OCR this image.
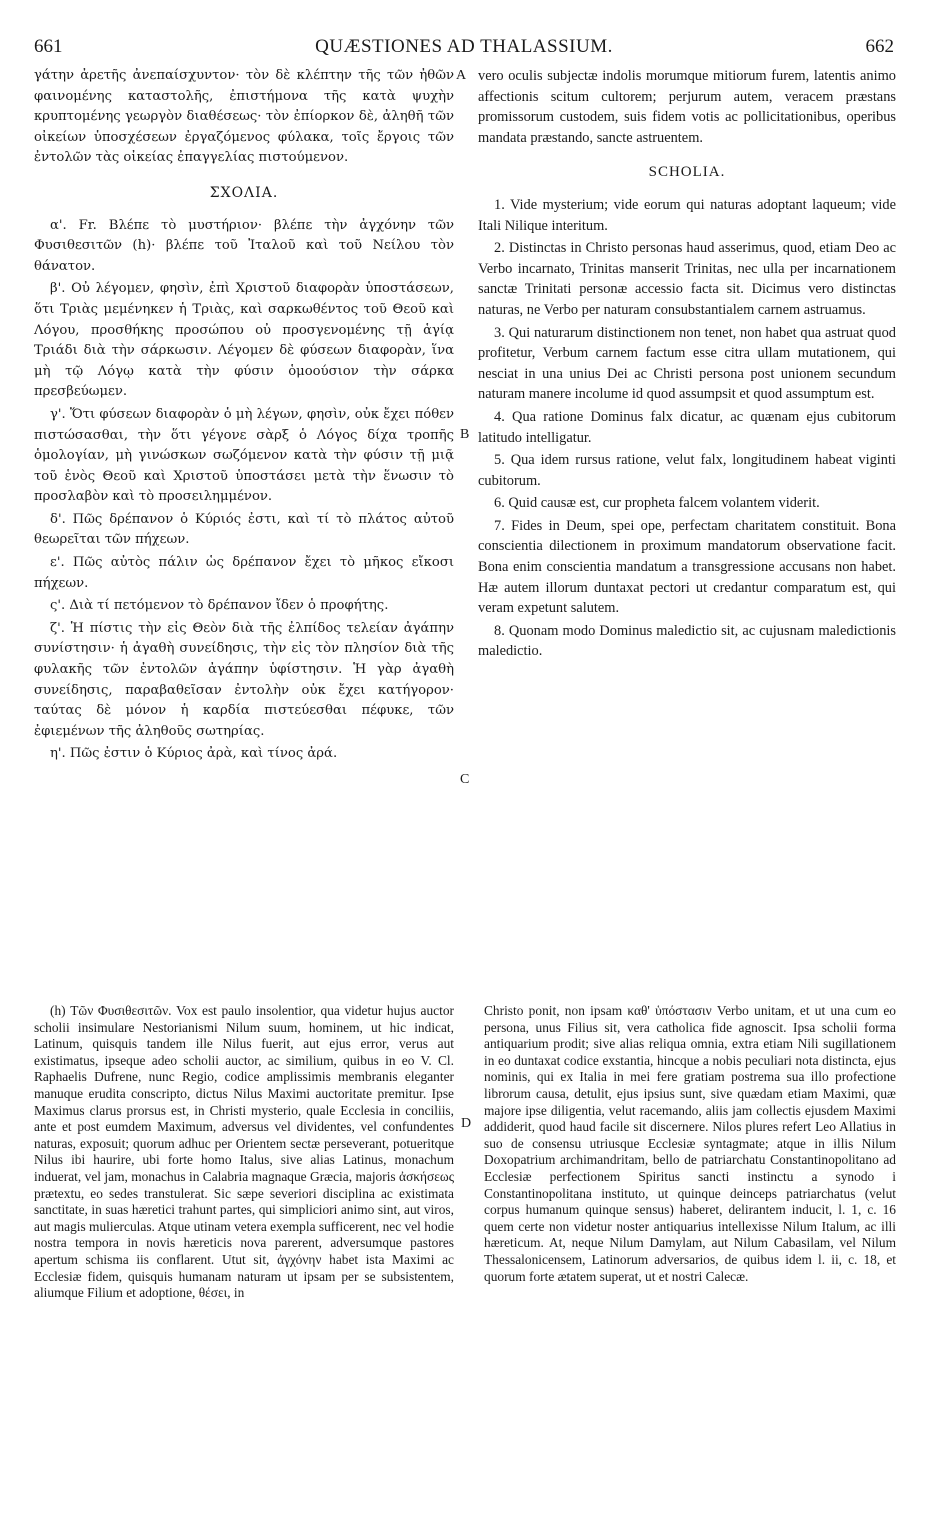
661	QUÆSTIONES AD THALASSIUM.	662

γάτην ἀρετῆς ἀνεπαίσχυντον· τὸν δὲ κλέπτην τῆς τῶν ἠθῶν φαινομένης καταστολῆς, ἐπιστήμονα τῆς κατὰ ψυχὴν κρυπτομένης γεωργὸν διαθέσεως· τὸν ἐπίορκον δὲ, ἀληθῆ τῶν οἰκείων ὑποσχέσεων ἐργαζόμενος φύλακα, τοῖς ἔργοις τῶν ἐντολῶν τὰς οἰκείας ἐπαγγελίας πιστούμενον.

ΣΧΟΛΙΑ.

α'. Fr. Βλέπε τὸ μυστήριον· βλέπε τὴν ἀγχόνην τῶν Φυσιθεσιτῶν (h)· βλέπε τοῦ Ἰταλοῦ καὶ τοῦ Νείλου τὸν θάνατον.

β'. Οὐ λέγομεν, φησὶν, ἐπὶ Χριστοῦ διαφορὰν ὑποστάσεων, ὅτι Τριὰς μεμένηκεν ἡ Τριὰς, καὶ σαρκωθέντος τοῦ Θεοῦ καὶ Λόγου, προσθήκης προσώπου οὐ προσγενομένης τῇ ἁγίᾳ Τριάδι διὰ τὴν σάρκωσιν. Λέγομεν δὲ φύσεων διαφορὰν, ἵνα μὴ τῷ Λόγῳ κατὰ τὴν φύσιν ὁμοούσιον τὴν σάρκα πρεσβεύωμεν.

γ'. Ὅτι φύσεων διαφορὰν ὁ μὴ λέγων, φησὶν, οὐκ ἔχει πόθεν πιστώσασθαι, τὴν ὅτι γέγονε σὰρξ ὁ Λόγος δίχα τροπῆς ὁμολογίαν, μὴ γινώσκων σωζόμενον κατὰ τὴν φύσιν τῇ μιᾷ τοῦ ἑνὸς Θεοῦ καὶ Χριστοῦ ὑποστάσει μετὰ τὴν ἕνωσιν τὸ προσλαβὸν καὶ τὸ προσειλημμένον.

δ'. Πῶς δρέπανον ὁ Κύριός ἐστι, καὶ τί τὸ πλάτος αὐτοῦ θεωρεῖται τῶν πήχεων.

ε'. Πῶς αὐτὸς πάλιν ὡς δρέπανον ἔχει τὸ μῆκος εἴκοσι πήχεων.

ς'. Διὰ τί πετόμενον τὸ δρέπανον ἴδεν ὁ προφήτης.

ζ'. Ἡ πίστις τὴν εἰς Θεὸν διὰ τῆς ἐλπίδος τελείαν ἀγάπην συνίστησιν· ἡ ἀγαθὴ συνείδησις, τὴν εἰς τὸν πλησίον διὰ τῆς φυλακῆς τῶν ἐντολῶν ἀγάπην ὑφίστησιν. Ἡ γὰρ ἀγαθὴ συνείδησις, παραβαθεῖσαν ἐντολὴν οὐκ ἔχει κατήγορον· ταύτας δὲ μόνον ἡ καρδία πιστεύεσθαι πέφυκε, τῶν ἐφιεμένων τῆς ἀληθοῦς σωτηρίας.

η'. Πῶς ἐστιν ὁ Κύριος ἀρὰ, καὶ τίνος ἀρά.

A
B
C
D

vero oculis subjectæ indolis morumque mitiorum furem, latentis animo affectionis scitum cultorem; perjurum autem, veracem præstans promissorum custodem, suis fidem votis ac pollicitationibus, operibus mandata præstando, sancte astruentem.

SCHOLIA.

1. Vide mysterium; vide eorum qui naturas adoptant laqueum; vide Itali Nilique interitum.

2. Distinctas in Christo personas haud asserimus, quod, etiam Deo ac Verbo incarnato, Trinitas manserit Trinitas, nec ulla per incarnationem sanctæ Trinitati personæ accessio facta sit. Dicimus vero distinctas naturas, ne Verbo per naturam consubstantialem carnem astruamus.

3. Qui naturarum distinctionem non tenet, non habet qua astruat quod profitetur, Verbum carnem factum esse citra ullam mutationem, qui nesciat in una unius Dei ac Christi persona post unionem secundum naturam manere incolume id quod assumpsit et quod assumptum est.

4. Qua ratione Dominus falx dicatur, ac quænam ejus cubitorum latitudo intelligatur.

5. Qua idem rursus ratione, velut falx, longitudinem habeat viginti cubitorum.

6. Quid causæ est, cur propheta falcem volantem viderit.

7. Fides in Deum, spei ope, perfectam charitatem constituit. Bona conscientia dilectionem in proximum mandatorum observatione facit. Bona enim conscientia mandatum a transgressione accusans non habet. Hæ autem illorum duntaxat pectori ut credantur comparatum est, qui veram expetunt salutem.

8. Quonam modo Dominus maledictio sit, ac cujusnam maledictionis maledictio.

(h) Τῶν Φυσιθεσιτῶν. Vox est paulo insolentior, qua videtur hujus auctor scholii insimulare Nestorianismi Nilum suum, hominem, ut hic indicat, Latinum, quisquis tandem ille Nilus fuerit, aut ejus error, verus aut existimatus, ipseque adeo scholii auctor, ac similium, quibus in eo V. Cl. Raphaelis Dufrene, nunc Regio, codice amplissimis membranis eleganter manuque erudita conscripto, dictus Nilus Maximi auctoritate premitur. Ipse Maximus clarus prorsus est, in Christi mysterio, quale Ecclesia in conciliis, ante et post eumdem Maximum, adversus vel dividentes, vel confundentes naturas, exposuit; quorum adhuc per Orientem sectæ perseverant, potueritque Nilus ibi haurire, ubi forte homo Italus, sive alias Latinus, monachum induerat, vel jam, monachus in Calabria magnaque Græcia, majoris ἀσκήσεως prætextu, eo sedes transtulerat. Sic sæpe severiori disciplina ac existimata sanctitate, in suas hæretici trahunt partes, qui simpliciori animo sint, aut viros, aut magis mulierculas. Atque utinam vetera exempla sufficerent, nec vel hodie nostra tempora in novis hæreticis nova parerent, adversumque pastores apertum schisma iis conflarent. Utut sit, ἀγχόνην habet ista Maximi ac Ecclesiæ fidem, quisquis humanam naturam ut ipsam per se subsistentem, aliumque Filium et adoptione, θέσει, in

Christo ponit, non ipsam καθ' ὑπόστασιν Verbo unitam, et ut una cum eo persona, unus Filius sit, vera catholica fide agnoscit. Ipsa scholii forma antiquarium prodit; sive alias reliqua omnia, extra etiam Nili sugillationem in eo duntaxat codice exstantia, hincque a nobis peculiari nota distincta, ejus nominis, qui ex Italia in mei fere gratiam postrema sua illo profectione librorum causa, detulit, ejus ipsius sunt, sive quædam etiam Maximi, quæ majore ipse diligentia, velut racemando, aliis jam collectis ejusdem Maximi addiderit, quod haud facile sit discernere. Nilos plures refert Leo Allatius in suo de consensu utriusque Ecclesiæ syntagmate; atque in illis Nilum Doxopatrium archimandritam, bello de patriarchatu Constantinopolitano ad Ecclesiæ perfectionem Spiritus sancti instinctu a synodo i Constantinopolitana instituto, ut quinque deinceps patriarchatus (velut corpus humanum quinque sensus) haberet, delirantem inducit, l. 1, c. 16 quem certe non videtur noster antiquarius intellexisse Nilum Italum, ac illi hæreticum. At, neque Nilum Damylam, aut Nilum Cabasilam, vel Nilum Thessalonicensem, Latinorum adversarios, de quibus idem l. ii, c. 18, et quorum forte ætatem superat, ut et nostri Calecæ.
